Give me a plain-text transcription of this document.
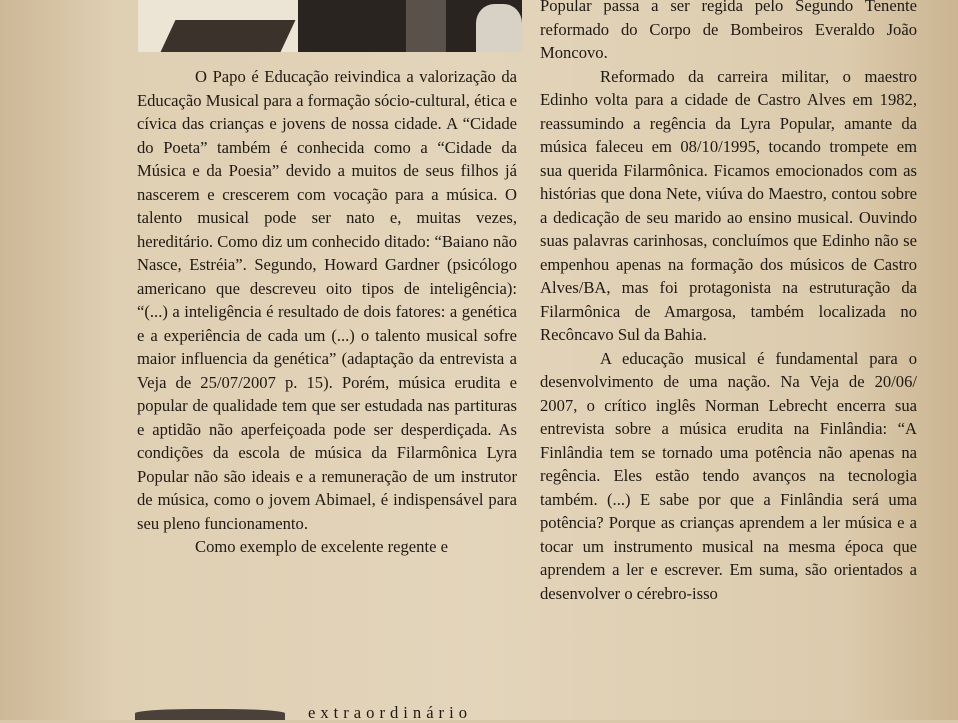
O Papo é Educação reivindica a valorização da Educação Musical para a formação sócio-cultural, ética e cívica das crianças e jovens de nossa cidade. A “Cidade do Poeta” também é conhecida como a “Cidade da Música e da Poesia” devido a muitos de seus filhos já nascerem e crescerem com vocação para a música. O talento musical pode ser nato e, muitas vezes, hereditário. Como diz um conhecido ditado: “Baiano não Nasce, Estréia”. Segundo, Howard Gardner (psicólogo americano que descreveu oito tipos de inteligência): “(...) a inteligência é resultado de dois fatores: a genética e a experiência de cada um (...) o talento musical sofre maior influencia da genética” (adaptação da entrevista a Veja de 25/07/2007 p. 15). Porém, música erudita e popular de qualidade tem que ser estudada nas partituras e aptidão não aperfeiçoada pode ser desperdiçada. As condições da escola de música da Filarmônica Lyra Popular não são ideais e a remuneração de um instrutor de música, como o jovem Abimael, é indispensável para seu pleno funcionamento.

Como exemplo de excelente regente e

extraordinário

Popular passa a ser regida pelo Segundo Tenente reformado do Corpo de Bombeiros Everaldo João Moncovo.

Reformado da carreira militar, o maestro Edinho volta para a cidade de Castro Alves em 1982, reassumindo a regência da Lyra Popular, amante da música faleceu em 08/10/1995, tocando trompete em sua querida Filarmônica. Ficamos emocionados com as histórias que dona Nete, viúva do Maestro, contou sobre a dedicação de seu marido ao ensino musical. Ouvindo suas palavras carinhosas, concluímos que Edinho não se empenhou apenas na formação dos músicos de Castro Alves/BA, mas foi protagonista na estruturação da Filarmônica de Amargosa, também localizada no Recôncavo Sul da Bahia.

A educação musical é fundamental para o desenvolvimento de uma nação. Na Veja de 20/06/ 2007, o crítico inglês Norman Lebrecht encerra sua entrevista sobre a música erudita na Finlândia: “A Finlândia tem se tornado uma potência não apenas na regência. Eles estão tendo avanços na tecnologia também. (...) E sabe por que a Finlândia será uma potência? Porque as crianças aprendem a ler música e a tocar um instrumento musical na mesma época que aprendem a ler e escrever. Em suma, são orientados a desenvolver o cérebro-isso
